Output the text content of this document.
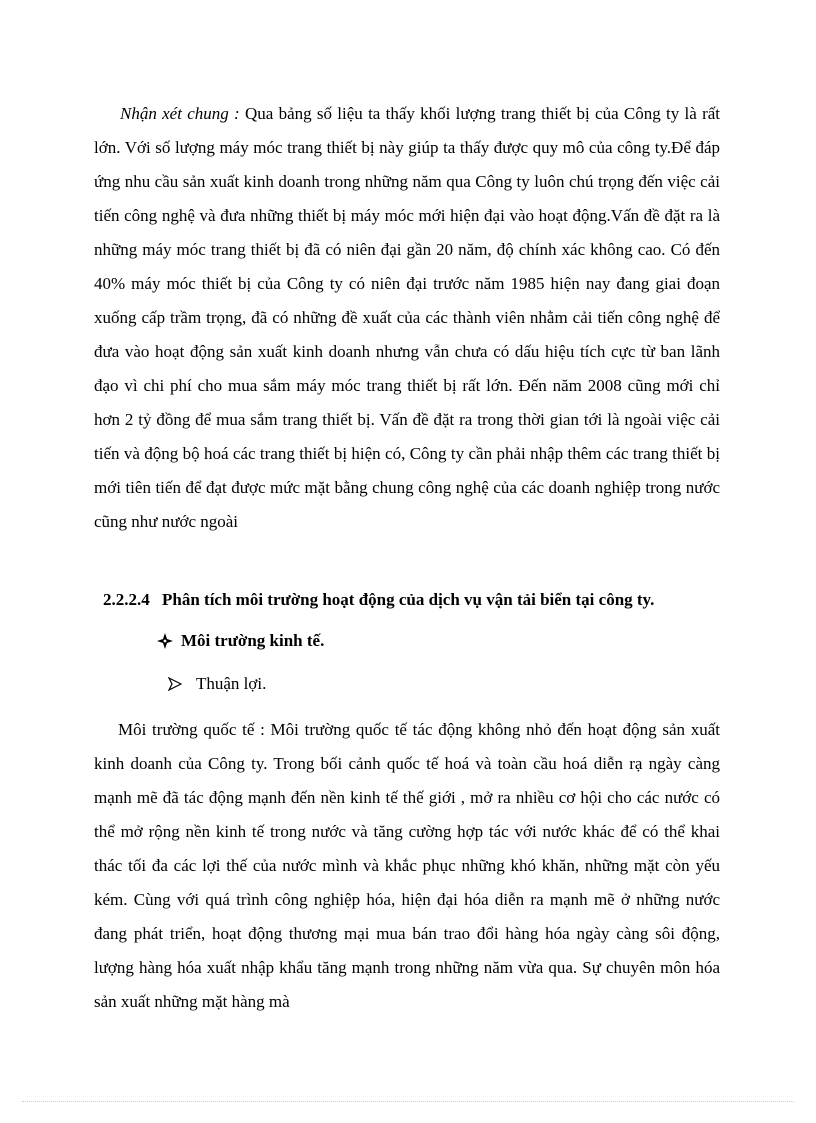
Nhận xét chung : Qua bảng số liệu ta thấy khối lượng trang thiết bị của Công ty là rất lớn. Với số lượng máy móc trang thiết bị này giúp ta thấy được quy mô của công ty.Để đáp ứng nhu cầu sản xuất kinh doanh trong những năm qua Công ty luôn chú trọng đến việc cải tiến công nghệ và đưa những thiết bị máy móc mới hiện đại vào hoạt động.Vấn đề đặt ra là những máy móc trang thiết bị đã có niên đại gần 20 năm, độ chính xác không cao. Có đến 40% máy móc thiết bị của Công ty có niên đại trước năm 1985 hiện nay đang giai đoạn xuống cấp trầm trọng, đã có những đề xuất của các thành viên nhằm cải tiến công nghệ để đưa vào hoạt động sản xuất kinh doanh nhưng vẫn chưa có dấu hiệu tích cực từ ban lãnh đạo vì chi phí cho mua sắm máy móc trang thiết bị rất lớn. Đến năm 2008 cũng mới chỉ hơn 2 tỷ đồng để mua sắm trang thiết bị. Vấn đề đặt ra trong thời gian tới là ngoài việc cải tiến và động bộ hoá các trang thiết bị hiện có, Công ty cần phải nhập thêm các trang thiết bị mới tiên tiến để đạt được mức mặt bằng chung công nghệ của các doanh nghiệp trong nước cũng như nước ngoài

2.2.2.4 Phân tích môi trường hoạt động của dịch vụ vận tải biển tại công ty.

Môi trường kinh tế.

Thuận lợi.

Môi trường quốc tế : Môi trường quốc tế tác động không nhỏ đến hoạt động sản xuất kinh doanh của Công ty. Trong bối cảnh quốc tế hoá và toàn cầu hoá diễn rạ ngày càng mạnh mẽ đã tác động mạnh đến nền kinh tế thế giới , mở ra nhiều cơ hội cho các nước có thể mở rộng nền kinh tế trong nước và tăng cường hợp tác với nước khác để có thể khai thác tối đa các lợi thế của nước mình và khắc phục những khó khăn, những mặt còn yếu kém. Cùng với quá trình công nghiệp hóa, hiện đại hóa diễn ra mạnh mẽ ở những nước đang phát triển, hoạt động thương mại mua bán trao đổi hàng hóa ngày càng sôi động, lượng hàng hóa xuất nhập khẩu tăng mạnh trong những năm vừa qua. Sự chuyên môn hóa sản xuất những mặt hàng mà
